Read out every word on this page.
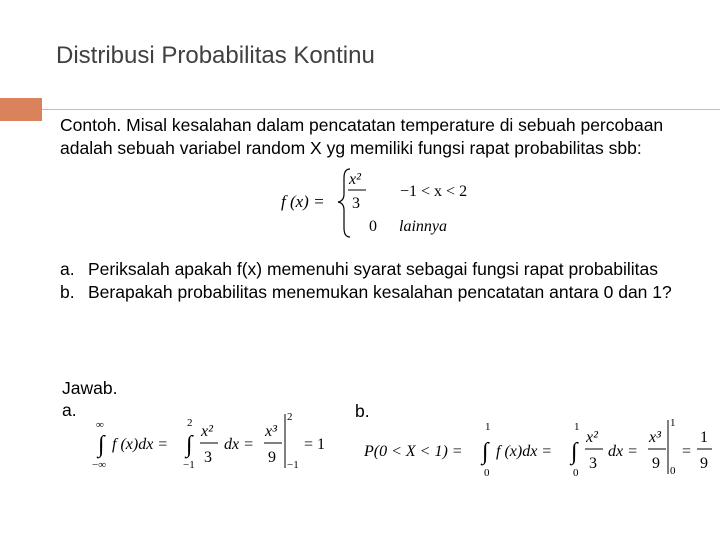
Distribusi Probabilitas Kontinu

Contoh. Misal kesalahan dalam pencatatan temperature di sebuah percobaan adalah sebuah variabel random X yg memiliki fungsi rapat probabilitas sbb:

f (x) =
x²
3
−1 < x < 2
0 lainnya
a. Periksalah apakah f(x) memenuhi syarat sebagai fungsi rapat probabilitas
b. Berapakah probabilitas menemukan kesalahan pencatatan antara 0 dan 1?
Jawab.
a.	b.
∞
∫
−∞
f (x)dx =
2
∫
−1
x²
3
dx =
x³
9
2
−1
= 1 P(0 < X < 1) =
1
∫
0
f (x)dx =
1
∫
0
x²
3
dx =
x³
9
1
0
=
1
9
